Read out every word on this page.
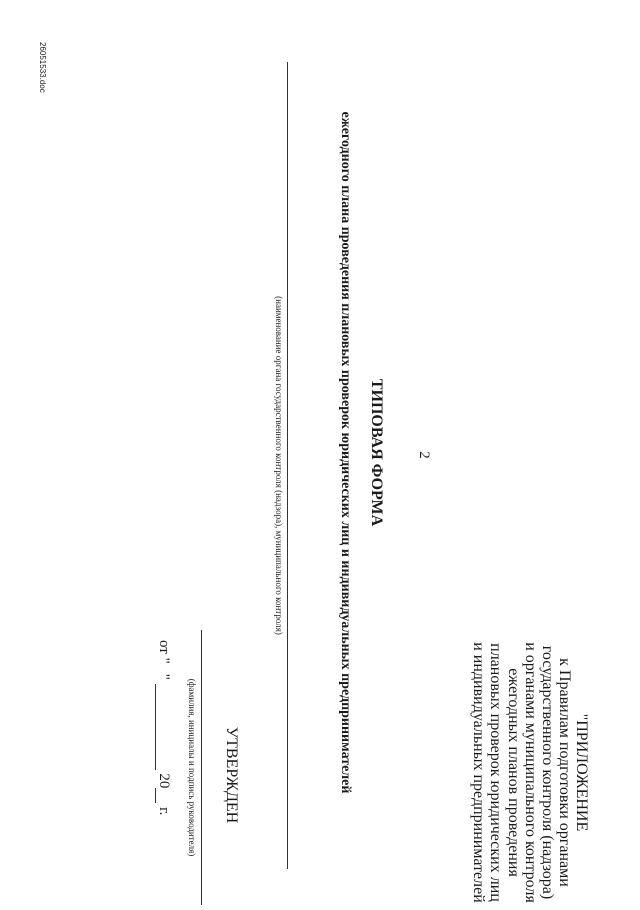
2
"ПРИЛОЖЕНИЕ
к Правилам подготовки органами
государственного контроля (надзора)
и органами муниципального контроля
ежегодных планов проведения
плановых проверок юридических лиц
и индивидуальных предпринимателей
ТИПОВАЯ ФОРМА
ежегодного плана проведения плановых проверок юридических лиц и индивидуальных предпринимателей
(наименование органа государственного контроля (надзора), муниципального контроля)
УТВЕРЖДЕН
(фамилия, инициалы и подпись руководителя)
от ""  20 г.
26051533.doc
